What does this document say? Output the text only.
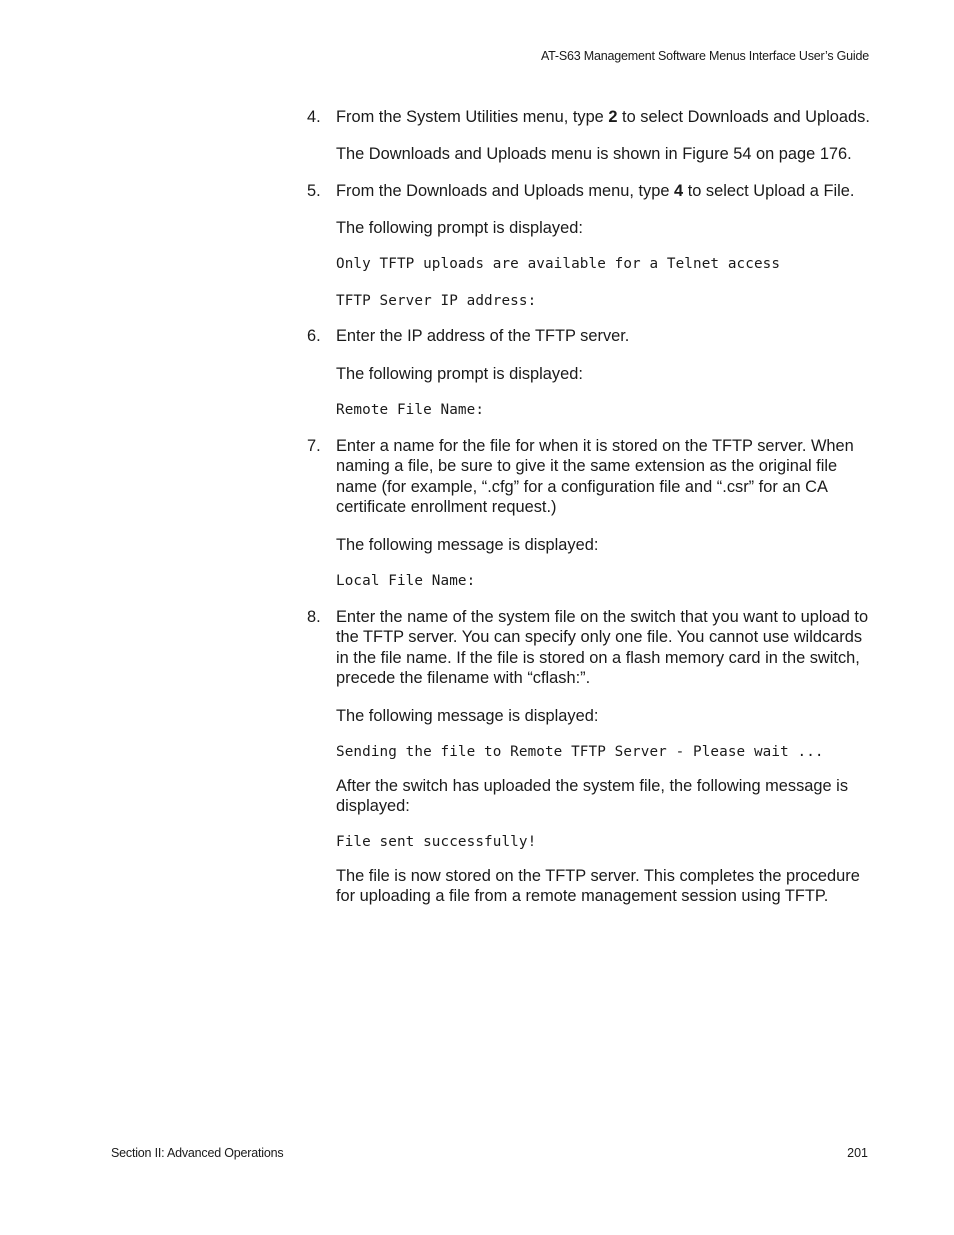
AT-S63 Management Software Menus Interface User’s Guide
4. From the System Utilities menu, type 2 to select Downloads and Uploads.

The Downloads and Uploads menu is shown in Figure 54 on page 176.

5. From the Downloads and Uploads menu, type 4 to select Upload a File.

The following prompt is displayed:

Only TFTP uploads are available for a Telnet access

TFTP Server IP address:

6. Enter the IP address of the TFTP server.

The following prompt is displayed:

Remote File Name:

7. Enter a name for the file for when it is stored on the TFTP server. When naming a file, be sure to give it the same extension as the original file name (for example, “.cfg” for a configuration file and “.csr” for an CA certificate enrollment request.)

The following message is displayed:

Local File Name:

8. Enter the name of the system file on the switch that you want to upload to the TFTP server. You can specify only one file. You cannot use wildcards in the file name. If the file is stored on a flash memory card in the switch, precede the filename with “cflash:”.

The following message is displayed:

Sending the file to Remote TFTP Server - Please wait ...

After the switch has uploaded the system file, the following message is displayed:

File sent successfully!

The file is now stored on the TFTP server. This completes the procedure for uploading a file from a remote management session using TFTP.

Section II: Advanced Operations	201
